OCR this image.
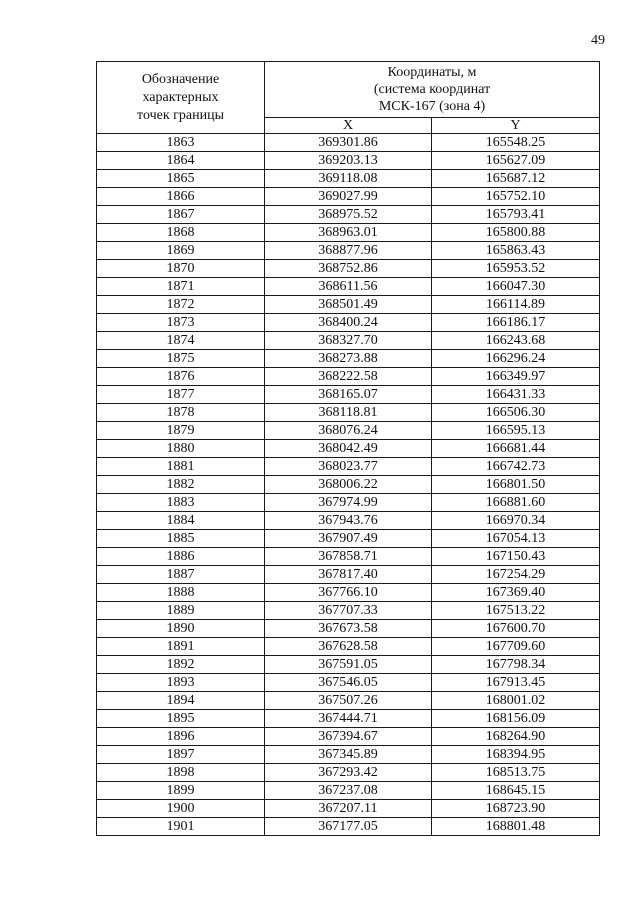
49
Обозначение
характерных
точек границы	Координаты, м
(система координат
МСК-167 (зона 4)	

	X	Y
1863	369301.86	165548.25
1864	369203.13	165627.09
1865	369118.08	165687.12
1866	369027.99	165752.10
1867	368975.52	165793.41
1868	368963.01	165800.88
1869	368877.96	165863.43
1870	368752.86	165953.52
1871	368611.56	166047.30
1872	368501.49	166114.89
1873	368400.24	166186.17
1874	368327.70	166243.68
1875	368273.88	166296.24
1876	368222.58	166349.97
1877	368165.07	166431.33
1878	368118.81	166506.30
1879	368076.24	166595.13
1880	368042.49	166681.44
1881	368023.77	166742.73
1882	368006.22	166801.50
1883	367974.99	166881.60
1884	367943.76	166970.34
1885	367907.49	167054.13
1886	367858.71	167150.43
1887	367817.40	167254.29
1888	367766.10	167369.40
1889	367707.33	167513.22
1890	367673.58	167600.70
1891	367628.58	167709.60
1892	367591.05	167798.34
1893	367546.05	167913.45
1894	367507.26	168001.02
1895	367444.71	168156.09
1896	367394.67	168264.90
1897	367345.89	168394.95
1898	367293.42	168513.75
1899	367237.08	168645.15
1900	367207.11	168723.90
1901	367177.05	168801.48
